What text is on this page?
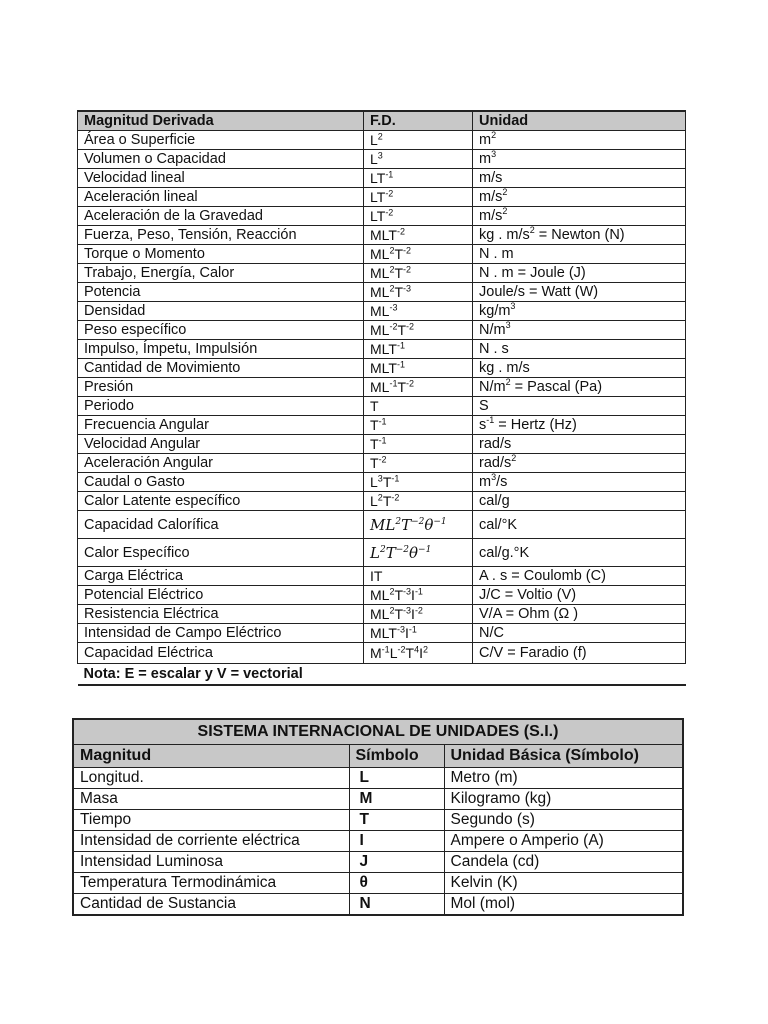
Magnitud Derivada	F.D.	Unidad
Área o Superficie	$L^2$	$m^2$
Volumen o Capacidad	$L^3$	$m^3$
Velocidad lineal	$LT^{-1}$	m/s
Aceleración lineal	$LT^{-2}$	$m/s^2$
Aceleración de la Gravedad	$LT^{-2}$	$m/s^2$
Fuerza, Peso, Tensión, Reacción	$MLT^{-2}$	kg . $m/s^2$ = Newton (N)
Torque o Momento	$ML^2T^{-2}$	N . m
Trabajo, Energía, Calor	$ML^2T^{-2}$	N . m = Joule (J)
Potencia	$ML^2T^{-3}$	Joule/s = Watt (W)
Densidad	$ML^{-3}$	$kg/m^3$
Peso específico	$ML^{-2}T^{-2}$	$N/m^3$
Impulso, Ímpetu, Impulsión	$MLT^{-1}$	N . s
Cantidad de Movimiento	$MLT^{-1}$	kg . m/s
Presión	$ML^{-1}T^{-2}$	$N/m^2$ = Pascal (Pa)
Periodo	T	S
Frecuencia Angular	$T^{-1}$	$s^{-1}$ = Hertz (Hz)
Velocidad Angular	$T^{-1}$	rad/s
Aceleración Angular	$T^{-2}$	rad/$s^2$
Caudal o Gasto	$L^3T^{-1}$	$m^3/s$
Calor Latente específico	$L^2T^{-2}$	cal/g
Capacidad Calorífica	$ML^2T^{-2}\theta^{-1}$	cal/°K
Calor Específico	$L^2T^{-2}\theta^{-1}$	cal/g.°K
Carga Eléctrica	IT	A . s = Coulomb (C)
Potencial Eléctrico	$ML^2T^{-3}I^{-1}$	J/C = Voltio (V)
Resistencia Eléctrica	$ML^2T^{-3}I^{-2}$	V/A = Ohm (Ω )
Intensidad de Campo Eléctrico	$MLT^{-3}I^{-1}$	N/C
Capacidad Eléctrica	$M^{-1}L^{-2}T^4I^2$	C/V = Faradio (f)
Nota: E = escalar y V = vectorial		
SISTEMA INTERNACIONAL DE UNIDADES (S.I.)		
Magnitud	Símbolo	Unidad Básica (Símbolo)
Longitud.	L	Metro (m)
Masa	M	Kilogramo (kg)
Tiempo	T	Segundo (s)
Intensidad de corriente eléctrica	I	Ampere o Amperio (A)
Intensidad Luminosa	J	Candela (cd)
Temperatura Termodinámica	θ	Kelvin (K)
Cantidad de Sustancia	N	Mol (mol)
